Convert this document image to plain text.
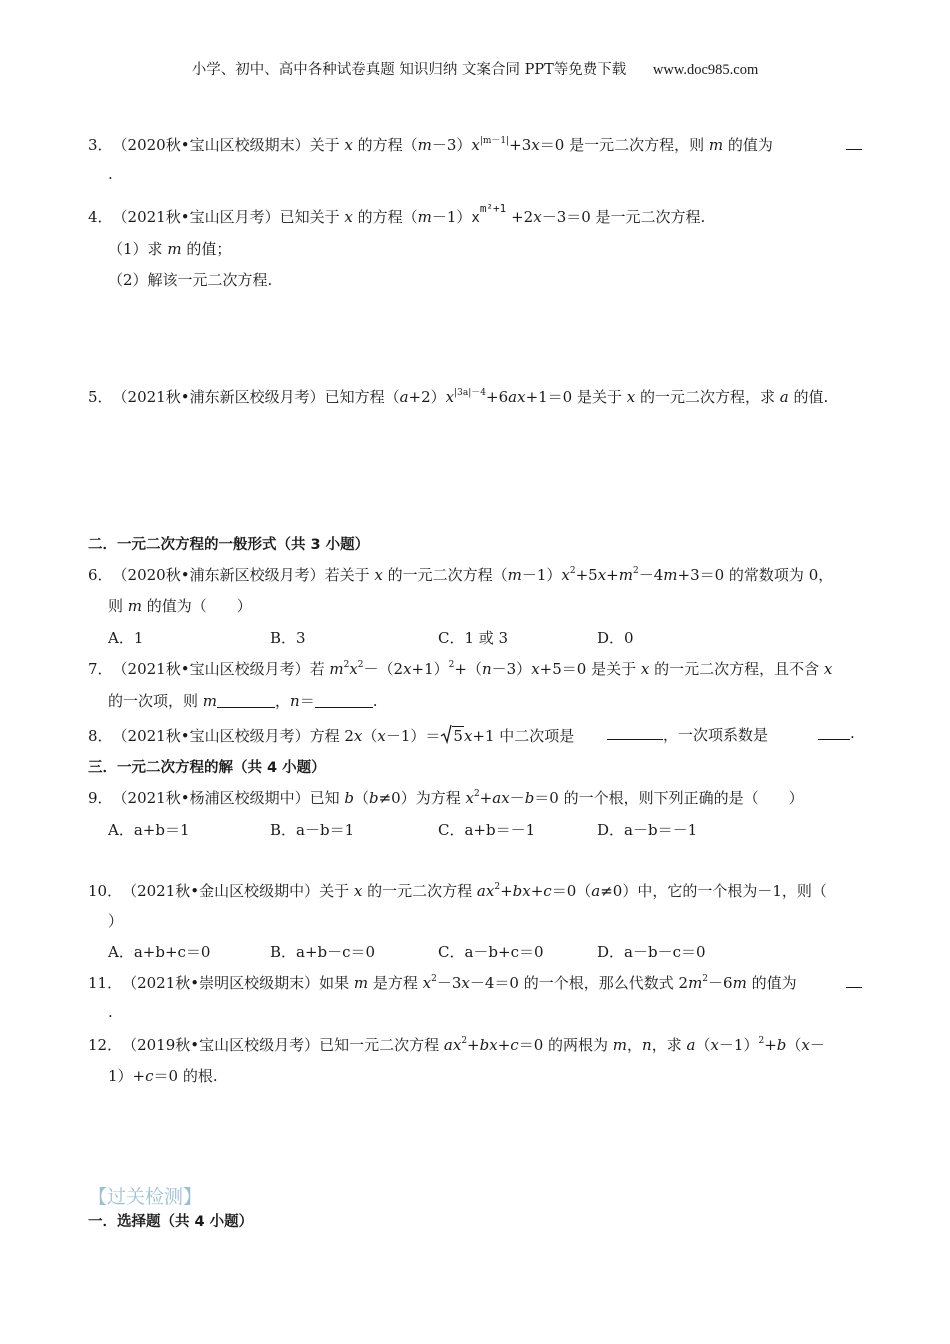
小学、初中、高中各种试卷真题 知识归纳 文案合同 PPT等免费下载 www.doc985.com
3．（2020秋•宝山区校级期末）关于 x 的方程$(m-3)x^{|m-1|}+3x=0$ 是一元二次方程，则 m 的值为
.
4．（2021秋•宝山区月考）已知关于 x 的方程$(m-1)x^{m^2+1} +2x-3=0$ 是一元二次方程.
（1）求 m 的值；
（2）解该一元二次方程.
5．（2021秋•浦东新区校级月考）已知方程$(a+2)x^{|3a|-4}+6ax+1=0$ 是关于 x 的一元二次方程，求 a 的值.
二．一元二次方程的一般形式（共 3 小题）
6．（2020秋•浦东新区校级月考）若关于 x 的一元二次方程$(m-1)x^2+5x+m^2-4m+3=0$ 的常数项为 0，
则 m 的值为（　　）
A．1	B．3	C．1 或 3	D．0
7．（2021秋•宝山区校级月考）若 $m^2x^2-(2x+1)^2+(n-3)x+5=0$ 是关于 x 的一元二次方程，且不含 x
的一次项，则 m	，n＝	.
8．（2021秋•宝山区校级月考）方程 2x（x－1）＝ 5x+1 中二次项是	，一次项系数是	.
三．一元二次方程的解（共 4 小题）
9．（2021秋•杨浦区校级期中）已知 b（b≠0）为方程 $x^2+ax-b=0$ 的一个根，则下列正确的是（　　）
A．a+b＝1	B．a－b＝1	C．a+b＝－1	D．a－b＝－1
10．（2021秋•金山区校级期中）关于 x 的一元二次方程 $ax^2+bx+c=0(a\ne 0)$中，它的一个根为－1，则（
）
A．a+b+c＝0	B．a+b－c＝0	C．a－b+c＝0	D．a－b－c＝0
11．（2021秋•崇明区校级期末）如果 m 是方程 $x^2-3x-4=0$ 的一个根，那么代数式 $2m^2-6m$ 的值为
.
12．（2019秋•宝山区校级月考）已知一元二次方程 $ax^2+bx+c=0$ 的两根为 m，n，求 $a(x-1)^2+b(x-$
1）+c＝0 的根.
【过关检测】
一．选择题（共 4 小题）
